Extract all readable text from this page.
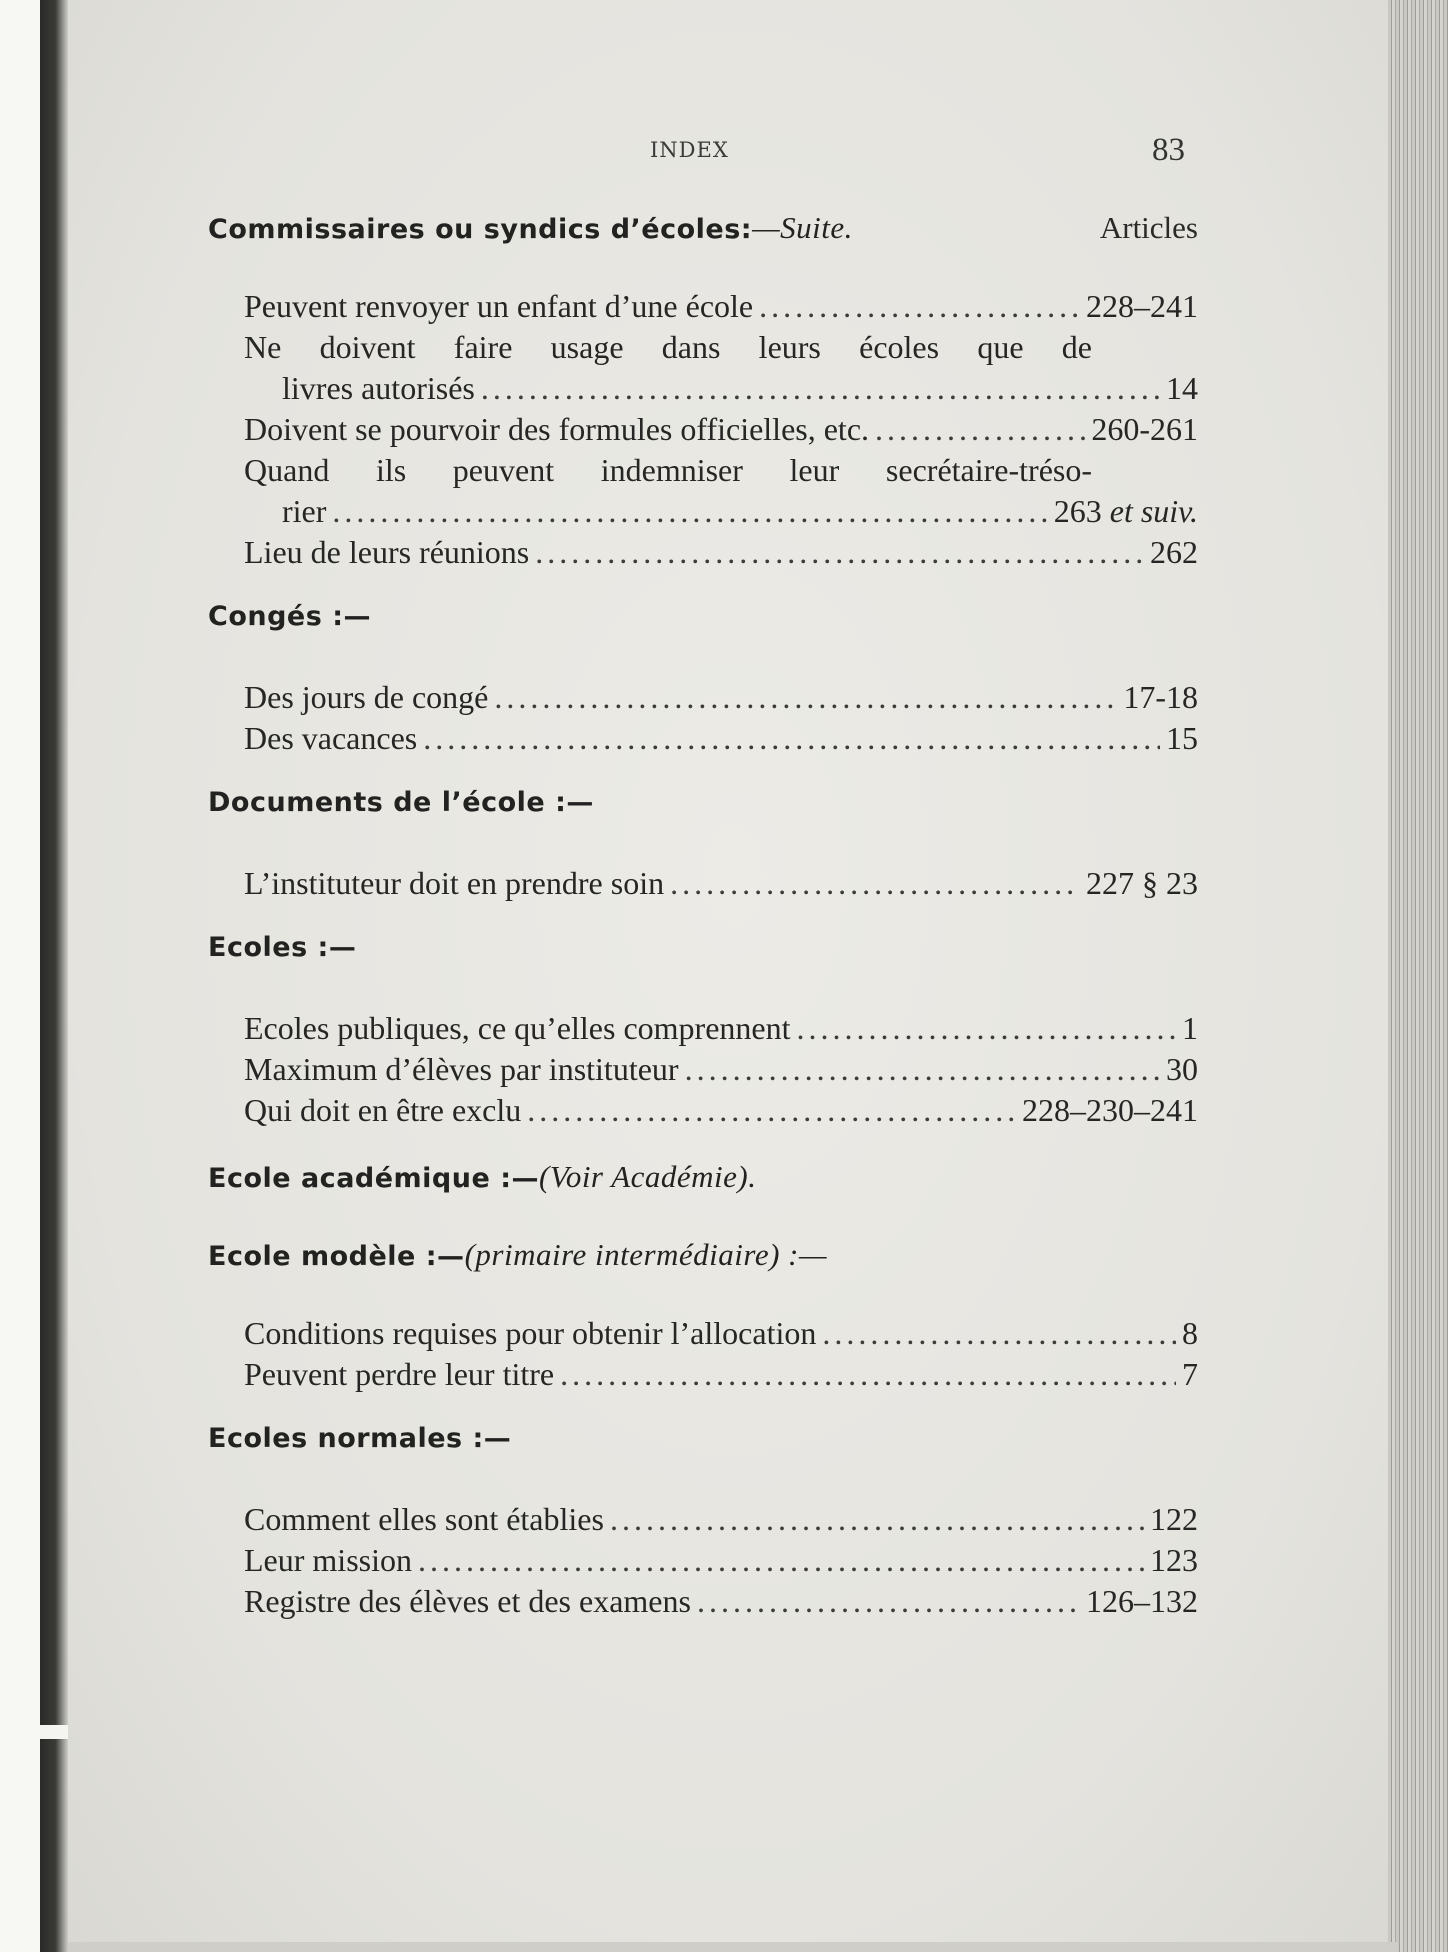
INDEX	83
Commissaires ou syndics d’écoles:—Suite.	Articles
Peuvent renvoyer un enfant d’une école .....	228–241
Ne doivent faire usage dans leurs écoles que de
livres autorisés .....	14
Doivent se pourvoir des formules officielles, etc. .....	260-261
Quand ils peuvent indemniser leur secrétaire-tréso-
rier .....	263 et suiv.
Lieu de leurs réunions .....	262
Congés :—
Des jours de congé .....	17-18
Des vacances .....	15
Documents de l’école :—
L’instituteur doit en prendre soin .....	227 § 23
Ecoles :—
Ecoles publiques, ce qu’elles comprennent .....	1
Maximum d’élèves par instituteur .....	30
Qui doit en être exclu .....	228–230–241
Ecole académique :—(Voir Académie).
Ecole modèle :—(primaire intermédiaire) :—
Conditions requises pour obtenir l’allocation .....	8
Peuvent perdre leur titre .....	7
Ecoles normales :—
Comment elles sont établies .....	122
Leur mission .....	123
Registre des élèves et des examens .....	126–132
